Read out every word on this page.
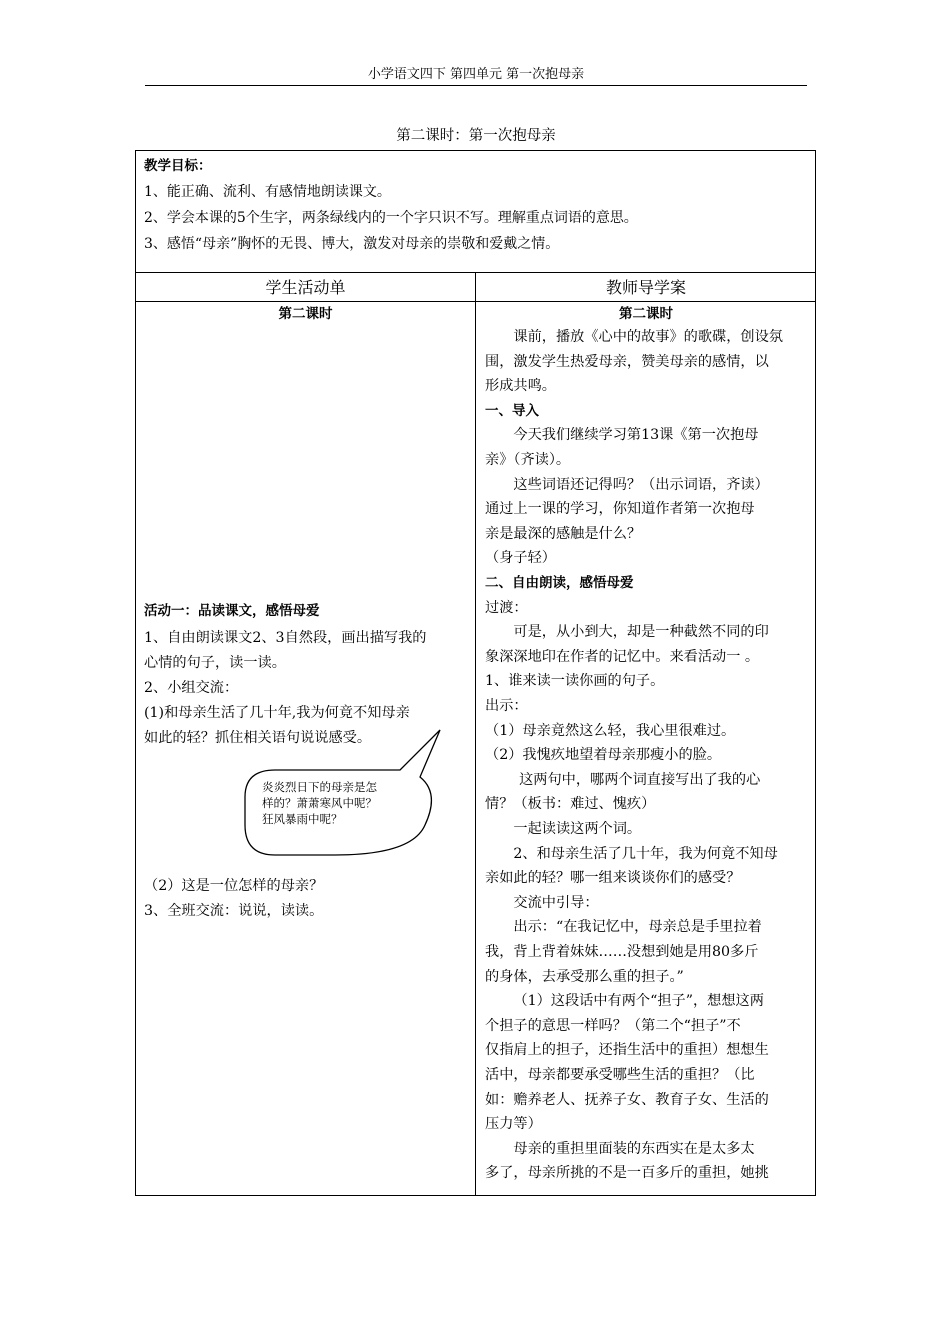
小学语文四下 第四单元 第一次抱母亲
第二课时：第一次抱母亲
教学目标：
1、能正确、流利、有感情地朗读课文。
2、学会本课的5个生字，两条绿线内的一个字只识不写。理解重点词语的意思。
3、感悟“母亲”胸怀的无畏、博大，激发对母亲的崇敬和爱戴之情。
学生活动单	教师导学案
第二课时	第二课时
活动一：品读课文，感悟母爱
1、自由朗读课文2、3自然段，画出描写我的
心情的句子，读一读。
2、小组交流：
(1)和母亲生活了几十年,我为何竟不知母亲
如此的轻？抓住相关语句说说感受。
炎炎烈日下的母亲是怎
样的？萧萧寒风中呢？
狂风暴雨中呢？
（2）这是一位怎样的母亲？
3、全班交流：说说，读读。
课前，播放《心中的故事》的歌碟，创设氛
围，激发学生热爱母亲，赞美母亲的感情，以
形成共鸣。
一、导入
今天我们继续学习第13课《第一次抱母
亲》（齐读）。
这些词语还记得吗？（出示词语，齐读）
通过上一课的学习，你知道作者第一次抱母
亲是最深的感触是什么？
（身子轻）
二、自由朗读，感悟母爱
过渡：
可是，从小到大，却是一种截然不同的印
象深深地印在作者的记忆中。来看活动一 。
1、谁来读一读你画的句子。
出示：
（1）母亲竟然这么轻，我心里很难过。
（2）我愧疚地望着母亲那瘦小的脸。
这两句中，哪两个词直接写出了我的心
情？（板书：难过、愧疚）
一起读读这两个词。
2、和母亲生活了几十年，我为何竟不知母
亲如此的轻？哪一组来谈谈你们的感受？
交流中引导：
出示：“在我记忆中，母亲总是手里拉着
我，背上背着妹妹……没想到她是用80多斤
的身体，去承受那么重的担子。”
（1）这段话中有两个“担子”，想想这两
个担子的意思一样吗？（第二个“担子”不
仅指肩上的担子，还指生活中的重担）想想生
活中，母亲都要承受哪些生活的重担？（比
如：赡养老人、抚养子女、教育子女、生活的
压力等）
母亲的重担里面装的东西实在是太多太
多了，母亲所挑的不是一百多斤的重担，她挑
